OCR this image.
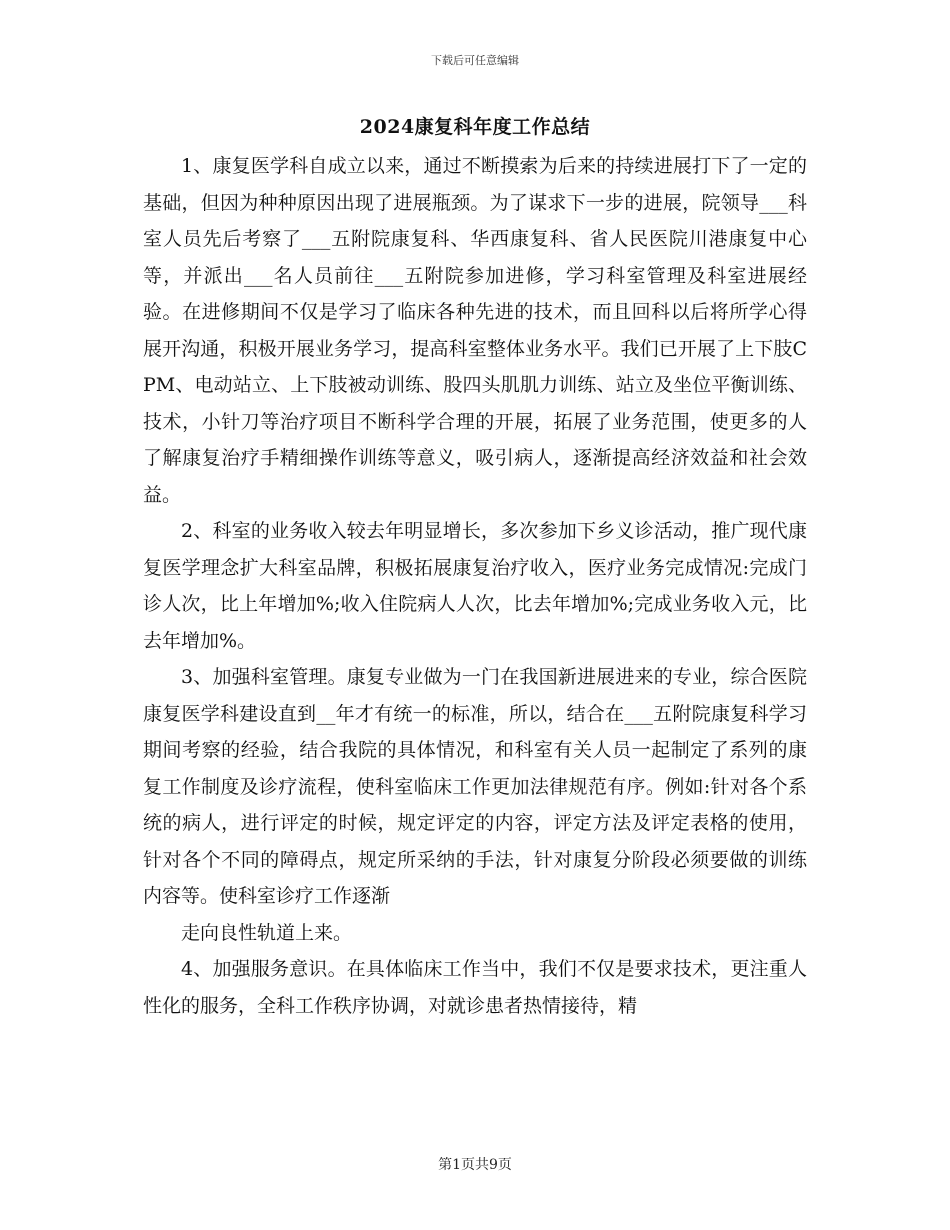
下载后可任意编辑
2024康复科年度工作总结

1、康复医学科自成立以来，通过不断摸索为后来的持续进展打下了一定的基础，但因为种种原因出现了进展瓶颈。为了谋求下一步的进展，院领导___科室人员先后考察了___五附院康复科、华西康复科、省人民医院川港康复中心等，并派出___名人员前往___五附院参加进修，学习科室管理及科室进展经验。在进修期间不仅是学习了临床各种先进的技术，而且回科以后将所学心得展开沟通，积极开展业务学习，提高科室整体业务水平。我们已开展了上下肢CPM、电动站立、上下肢被动训练、股四头肌肌力训练、站立及坐位平衡训练、技术，小针刀等治疗项目不断科学合理的开展，拓展了业务范围，使更多的人了解康复治疗手精细操作训练等意义，吸引病人，逐渐提高经济效益和社会效益。

2、科室的业务收入较去年明显增长，多次参加下乡义诊活动，推广现代康复医学理念扩大科室品牌，积极拓展康复治疗收入，医疗业务完成情况:完成门诊人次，比上年增加%;收入住院病人人次，比去年增加%;完成业务收入元，比去年增加%。

3、加强科室管理。康复专业做为一门在我国新进展进来的专业，综合医院康复医学科建设直到__年才有统一的标准，所以，结合在___五附院康复科学习期间考察的经验，结合我院的具体情况，和科室有关人员一起制定了系列的康复工作制度及诊疗流程，使科室临床工作更加法律规范有序。例如:针对各个系统的病人，进行评定的时候，规定评定的内容，评定方法及评定表格的使用，针对各个不同的障碍点，规定所采纳的手法，针对康复分阶段必须要做的训练内容等。使科室诊疗工作逐渐

走向良性轨道上来。

4、加强服务意识。在具体临床工作当中，我们不仅是要求技术，更注重人性化的服务，全科工作秩序协调，对就诊患者热情接待，精

第1页共9页
